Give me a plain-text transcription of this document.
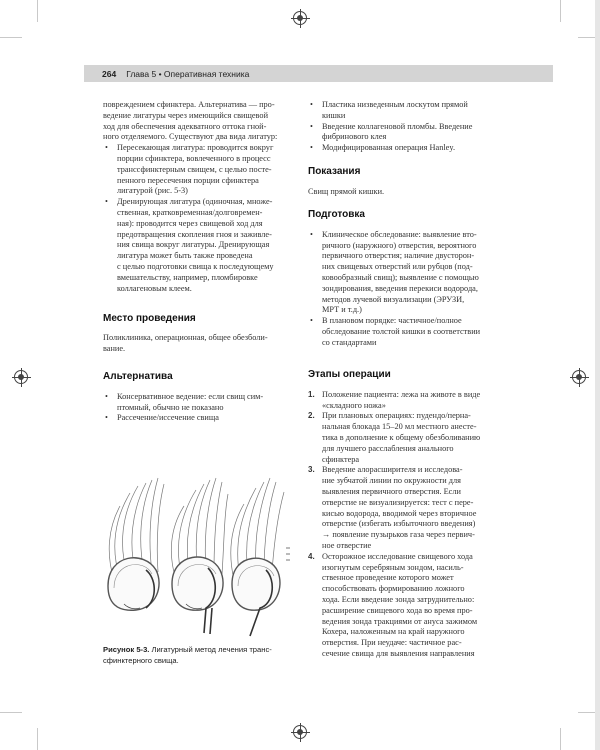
264 Глава 5 • Оперативная техника

повреждением сфинктера. Альтернатива — про-
ведение лигатуры через имеющийся свищевой
ход для обеспечения адекватного оттока гной-
ного отделяемого. Существуют два вида лигатур:

• Пересекающая лигатура: проводится вокруг
порции сфинктера, вовлеченного в процесс
транссфинктерным свищем, с целью посте-
пенного пересечения порции сфинктера
лигатурой (рис. 5-3)
• Дренирующая лигатура (одиночная, множе-
ственная, кратковременная/долговремен-
ная): проводится через свищевой ход для
предотвращения скопления гноя и заживле-
ния свища вокруг лигатуры. Дренирующая
лигатура может быть также проведена
с целью подготовки свища к последующему
вмешательству, например, пломбировке
коллагеновым клеем.
Место проведения

Поликлиника, операционная, общее обезболи-
вание.

Альтернатива
• Консервативное ведение: если свищ сим-
птомный, обычно не показано
• Рассечение/иссечение свища
Рисунок 5-3. Лигатурный метод лечения транс-
сфинктерного свища.
• Пластика низведенным лоскутом прямой
кишки
• Введение коллагеновой пломбы. Введение
фибринового клея
• Модифицированная операция Hanley.
Показания

Свищ прямой кишки.

Подготовка
• Клиническое обследование: выявление вто-
ричного (наружного) отверстия, вероятного
первичного отверстия; наличие двусторон-
них свищевых отверстий или рубцов (под-
ковообразный свищ); выявление с помощью
зондирования, введения перекиси водорода,
методов лучевой визуализации (ЭРУЗИ,
МРТ и т.д.)
• В плановом порядке: частичное/полное
обследование толстой кишки в соответствии
со стандартами
Этапы операции
1. Положение пациента: лежа на животе в виде
«складного ножа»
2. При плановых операциях: пудендо/перна-
нальная блокада 15–20 мл местного анесте-
тика в дополнение к общему обезболиванию
для лучшего расслабления анального
сфинктера
3. Введение алорасширителя и исследова-
ние зубчатой линии по окружности для
выявления первичного отверстия. Если
отверстие не визуализируется: тест с пере-
кисью водорода, вводимой через вторичное
отверстие (избегать избыточного введения)
→ появление пузырьков газа через первич-
ное отверстие
4. Осторожное исследование свищевого хода
изогнутым серебряным зондом, насиль-
ственное проведение которого может
способствовать формированию ложного
хода. Если введение зонда затруднительно:
расширение свищевого хода во время про-
ведения зонда тракциями от ануса зажимом
Кохера, наложенным на край наружного
отверстия. При неудаче: частичное рас-
сечение свища для выявления направления
